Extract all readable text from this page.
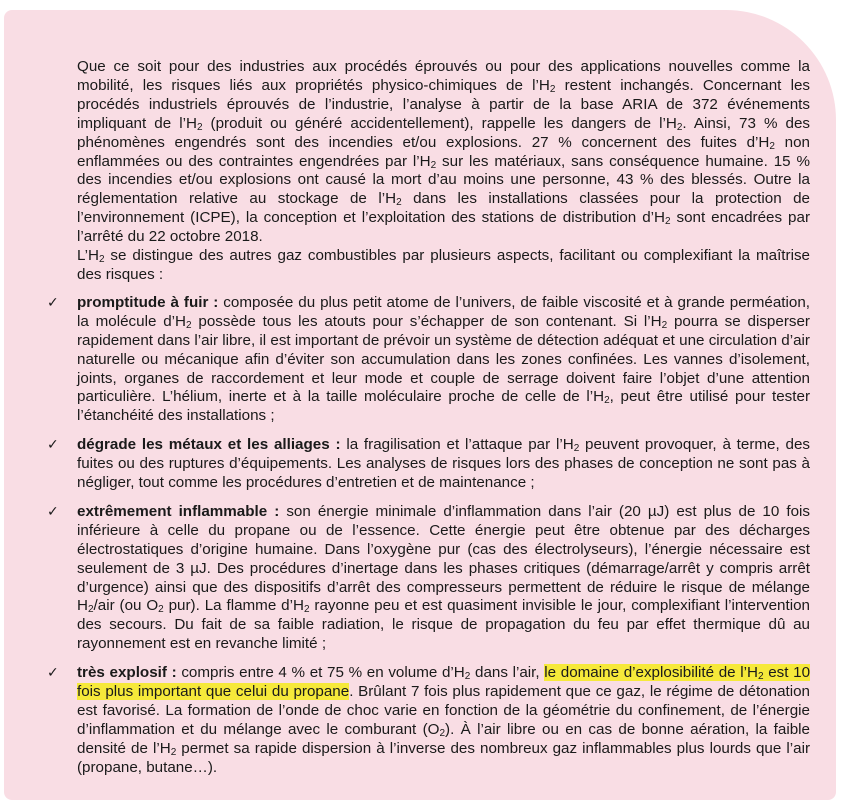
Que ce soit pour des industries aux procédés éprouvés ou pour des applications nouvelles comme la mobilité, les risques liés aux propriétés physico-chimiques de $l’H_2$ restent inchangés. Concernant les procédés industriels éprouvés de l’industrie, l’analyse à partir de la base ARIA de 372 événements impliquant de $l’H_2$ (produit ou généré accidentellement), rappelle les dangers de $l’H_2$. Ainsi, 73 % des phénomènes engendrés sont des incendies et/ou explosions. 27 % concernent des fuites $d’H_2$ non enflammées ou des contraintes engendrées par $l’H_2$ sur les matériaux, sans conséquence humaine. 15 % des incendies et/ou explosions ont causé la mort d’au moins une personne, 43 % des blessés. Outre la réglementation relative au stockage de $l’H_2$ dans les installations classées pour la protection de l’environnement (ICPE), la conception et l’exploitation des stations de distribution $d’H_2$ sont encadrées par l’arrêté du 22 octobre 2018.

$L’H_2$ se distingue des autres gaz combustibles par plusieurs aspects, facilitant ou complexifiant la maîtrise des risques :

✓ promptitude à fuir : composée du plus petit atome de l’univers, de faible viscosité et à grande perméation, la molécule $d’H_2$ possède tous les atouts pour s’échapper de son contenant. Si $l’H_2$ pourra se disperser rapidement dans l’air libre, il est important de prévoir un système de détection adéquat et une circulation d’air naturelle ou mécanique afin d’éviter son accumulation dans les zones confinées. Les vannes d’isolement, joints, organes de raccordement et leur mode et couple de serrage doivent faire l’objet d’une attention particulière. L’hélium, inerte et à la taille moléculaire proche de celle de $l’H_2$, peut être utilisé pour tester l’étanchéité des installations ;
✓ dégrade les métaux et les alliages : la fragilisation et l’attaque par $l’H_2$ peuvent provoquer, à terme, des fuites ou des ruptures d’équipements. Les analyses de risques lors des phases de conception ne sont pas à négliger, tout comme les procédures d’entretien et de maintenance ;
✓ extrêmement inflammable : son énergie minimale d’inflammation dans l’air (20 µJ) est plus de 10 fois inférieure à celle du propane ou de l’essence. Cette énergie peut être obtenue par des décharges électrostatiques d’origine humaine. Dans l’oxygène pur (cas des électrolyseurs), l’énergie nécessaire est seulement de 3 µJ. Des procédures d’inertage dans les phases critiques (démarrage/arrêt y compris arrêt d’urgence) ainsi que des dispositifs d’arrêt des compresseurs permettent de réduire le risque de mélange $H_2$/air (ou $O_2$ pur). La flamme $d’H_2$ rayonne peu et est quasiment invisible le jour, complexifiant l’intervention des secours. Du fait de sa faible radiation, le risque de propagation du feu par effet thermique dû au rayonnement est en revanche limité ;
✓ très explosif : compris entre 4 % et 75 % en volume $d’H_2$ dans l’air, le domaine d’explosibilité de $l’H_2$ est 10 fois plus important que celui du propane. Brûlant 7 fois plus rapidement que ce gaz, le régime de détonation est favorisé. La formation de l’onde de choc varie en fonction de la géométrie du confinement, de l’énergie d’inflammation et du mélange avec le comburant $(O_2)$. À l’air libre ou en cas de bonne aération, la faible densité de $l’H_2$ permet sa rapide dispersion à l’inverse des nombreux gaz inflammables plus lourds que l’air (propane, butane…).
